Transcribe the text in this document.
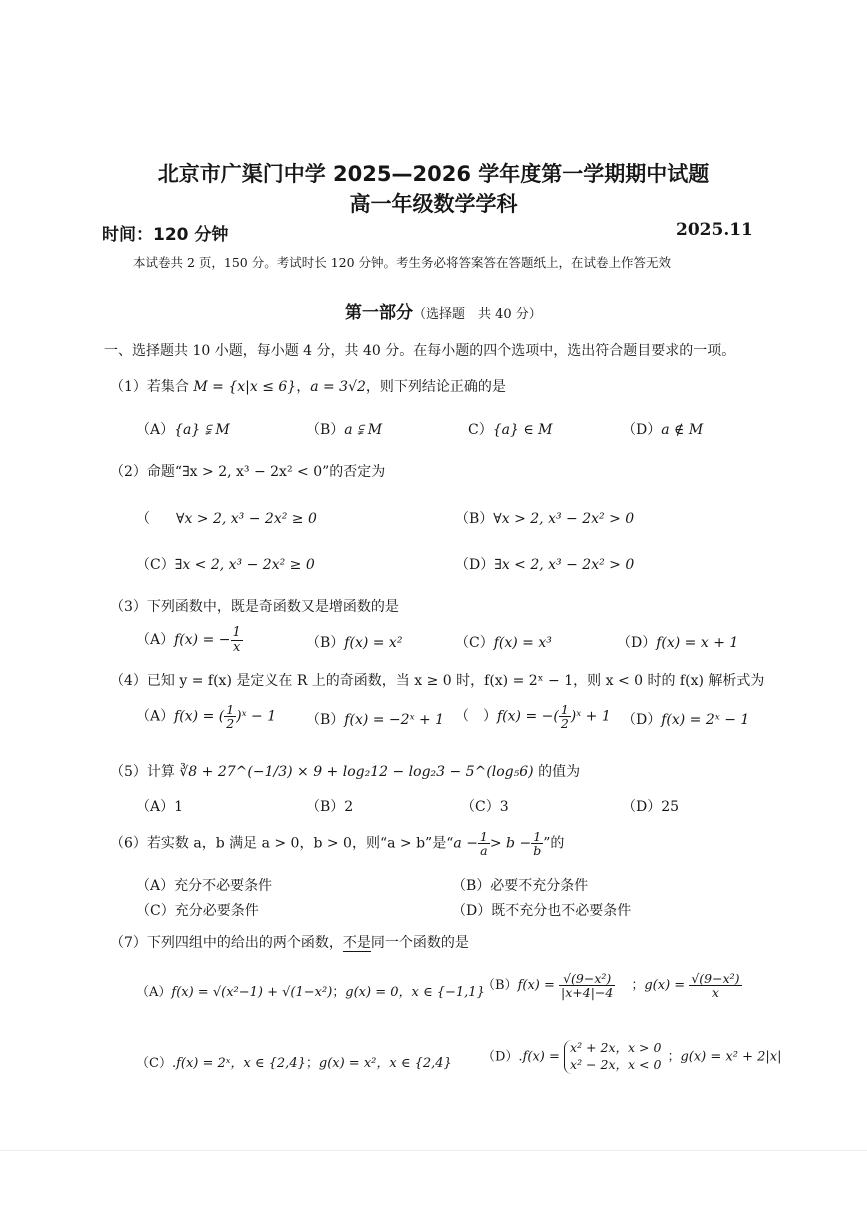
北京市广渠门中学 2025—2026 学年度第一学期期中试题
高一年级数学学科
时间：120 分钟	2025.11
本试卷共 2 页，150 分。考试时长 120 分钟。考生务必将答案答在答题纸上，在试卷上作答无效
第一部分（选择题　共 40 分）
一、选择题共 10 小题，每小题 4 分，共 40 分。在每小题的四个选项中，选出符合题目要求的一项。
（1）若集合 M = {x|x ≤ 6}，a = 3√2，则下列结论正确的是
（A）{a} ⫋ M	（B）a ⫋ M	C）{a} ∈ M	（D）a ∉ M
（2）命题“∃x > 2, x³ − 2x² < 0”的否定为
（ ∀x > 2, x³ − 2x² ≥ 0	（B）∀x > 2, x³ − 2x² > 0
（C）∃x < 2, x³ − 2x² ≥ 0	（D）∃x < 2, x³ − 2x² > 0
（3）下列函数中，既是奇函数又是增函数的是
（A）f(x) = − $\frac{1}{x}$	（B）f(x) = x²	（C）f(x) = x³	（D）f(x) = x + 1
（4）已知 y = f(x) 是定义在 R 上的奇函数，当 x ≥ 0 时，f(x) = 2ˣ − 1，则 x < 0 时的 f(x) 解析式为
（A）f(x) = ( $\frac{1}{2}$ )ˣ − 1 （B）f(x) = −2ˣ + 1 （　）f(x) = −( $\frac{1}{2}$ )ˣ + 1 （D）f(x) = 2ˣ − 1
（5）计算 ∛8 + 27^(−1/3) × 9 + log₂12 − log₂3 − 5^(log₅6) 的值为
（A）1	（B）2	（C）3	（D）25
（6）若实数 a，b 满足 a > 0，b > 0，则“a > b”是“$a - \frac{1}{a} > b - \frac{1}{b}$ ”的
（A）充分不必要条件	（B）必要不充分条件
（C）充分必要条件	（D）既不充分也不必要条件
（7）下列四组中的给出的两个函数，不是同一个函数的是
（A）f(x) = √(x²−1) + √(1−x²)；g(x) = 0，x ∈ {−1,1}
$(B)f(x) = \frac{\text{√(9−x²)}}{|x+4|-4}$ ；$g(x) = \frac{\text{√(9−x²)}}{x}$
（C）.f(x) = 2ˣ，x ∈ {2,4}；g(x) = x²，x ∈ {2,4} （D）.f(x) =
x² + 2x，x > 0
x² − 2x，x < 0 ；g(x) = x² + 2|x|
